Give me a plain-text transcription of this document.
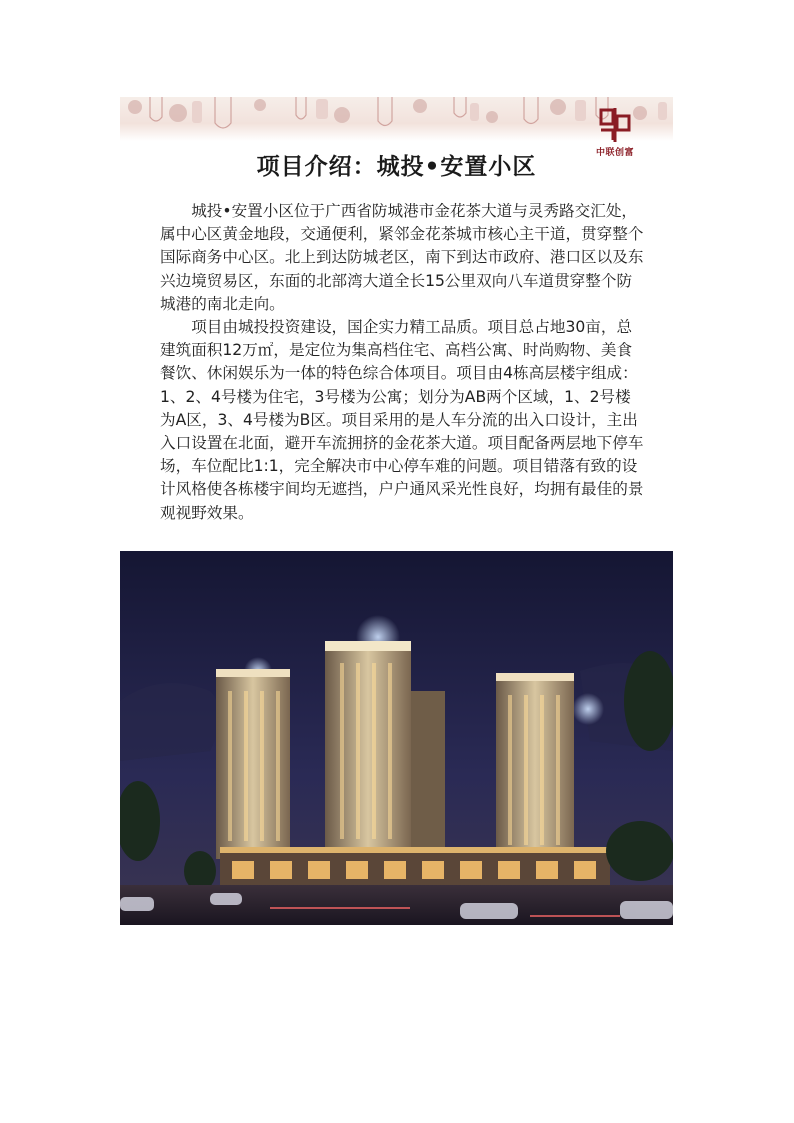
中联创富
项目介绍：城投•安置小区

城投•安置小区位于广西省防城港市金花茶大道与灵秀路交汇处，属中心区黄金地段，交通便利，紧邻金花茶城市核心主干道，贯穿整个国际商务中心区。北上到达防城老区，南下到达市政府、港口区以及东兴边境贸易区，东面的北部湾大道全长15公里双向八车道贯穿整个防城港的南北走向。

项目由城投投资建设，国企实力精工品质。项目总占地30亩，总建筑面积12万㎡，是定位为集高档住宅、高档公寓、时尚购物、美食餐饮、休闲娱乐为一体的特色综合体项目。项目由4栋高层楼宇组成：1、2、4号楼为住宅，3号楼为公寓；划分为AB两个区域，1、2号楼为A区，3、4号楼为B区。项目采用的是人车分流的出入口设计，主出入口设置在北面，避开车流拥挤的金花茶大道。项目配备两层地下停车场，车位配比1:1，完全解决市中心停车难的问题。项目错落有致的设计风格使各栋楼宇间均无遮挡，户户通风采光性良好，均拥有最佳的景观视野效果。
